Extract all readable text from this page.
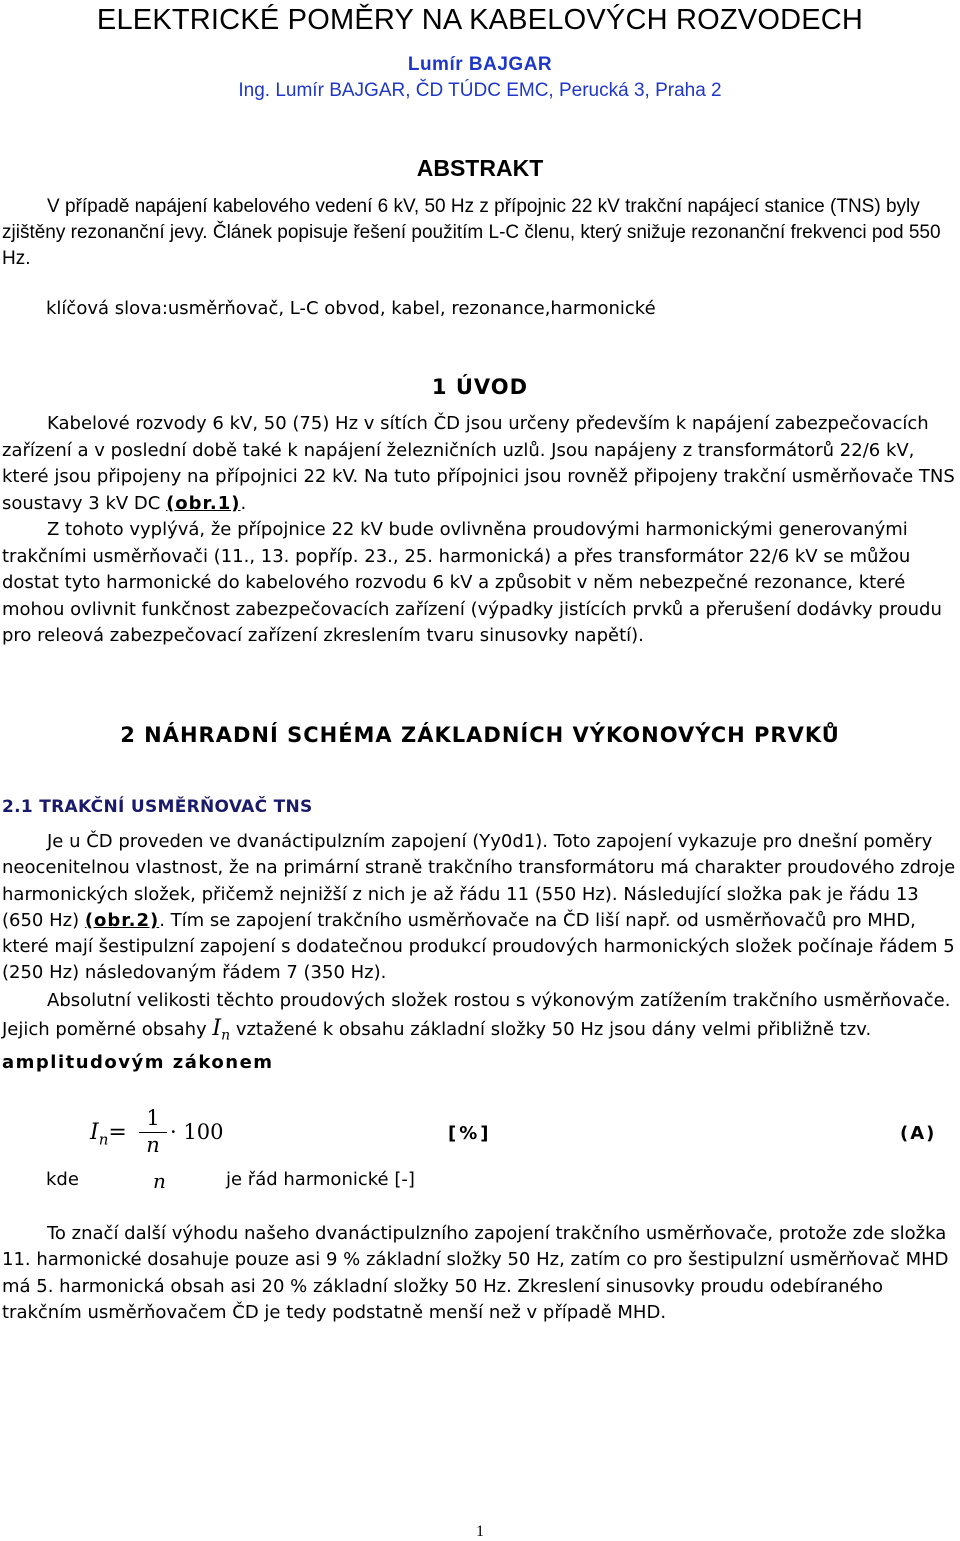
ELEKTRICKÉ POMĚRY NA KABELOVÝCH ROZVODECH
Lumír BAJGAR
Ing. Lumír BAJGAR, ČD TÚDC EMC, Perucká 3, Praha 2
ABSTRAKT

V případě napájení kabelového vedení 6 kV, 50 Hz z přípojnic 22 kV trakční napájecí stanice (TNS) byly zjištěny rezonanční jevy. Článek popisuje řešení použitím L-C členu, který snižuje rezonanční frekvenci pod 550 Hz.

klíčová slova:usměrňovač, L-C obvod, kabel, rezonance,harmonické
1 ÚVOD

Kabelové rozvody 6 kV, 50 (75) Hz v sítích ČD jsou určeny především k napájení zabezpečovacích zařízení a v poslední době také k napájení železničních uzlů. Jsou napájeny z transformátorů 22/6 kV, které jsou připojeny na přípojnici 22 kV. Na tuto přípojnici jsou rovněž připojeny trakční usměrňovače TNS soustavy 3 kV DC (obr.1).

Z tohoto vyplývá, že přípojnice 22 kV bude ovlivněna proudovými harmonickými generovanými trakčními usměrňovači (11., 13. popříp. 23., 25. harmonická) a přes transformátor 22/6 kV se můžou dostat tyto harmonické do kabelového rozvodu 6 kV a způsobit v něm nebezpečné rezonance, které mohou ovlivnit funkčnost zabezpečovacích zařízení (výpadky jistících prvků a přerušení dodávky proudu pro releová zabezpečovací zařízení zkreslením tvaru sinusovky napětí).

2 NÁHRADNÍ SCHÉMA ZÁKLADNÍCH VÝKONOVÝCH PRVKŮ
2.1 TRAKČNÍ USMĚRŇOVAČ TNS

Je u ČD proveden ve dvanáctipulzním zapojení (Yy0d1). Toto zapojení vykazuje pro dnešní poměry neocenitelnou vlastnost, že na primární straně trakčního transformátoru má charakter proudového zdroje harmonických složek, přičemž nejnižší z nich je až řádu 11 (550 Hz). Následující složka pak je řádu 13 (650 Hz) (obr.2). Tím se zapojení trakčního usměrňovače na ČD liší např. od usměrňovačů pro MHD, které mají šestipulzní zapojení s dodatečnou produkcí proudových harmonických složek počínaje řádem 5 (250 Hz) následovaným řádem 7 (350 Hz).

Absolutní velikosti těchto proudových složek rostou s výkonovým zatížením trakčního usměrňovače. Jejich poměrné obsahy $I_n$ vztažené k obsahu základní složky 50 Hz jsou dány velmi přibližně tzv. amplitudovým zákonem

$I_n=$
1
n
· 100	[%]	(A)
kde	n	je řád harmonické [-]

To značí další výhodu našeho dvanáctipulzního zapojení trakčního usměrňovače, protože zde složka 11. harmonické dosahuje pouze asi 9 % základní složky 50 Hz, zatím co pro šestipulzní usměrňovač MHD má 5. harmonická obsah asi 20 % základní složky 50 Hz. Zkreslení sinusovky proudu odebíraného trakčním usměrňovačem ČD je tedy podstatně menší než v případě MHD.

1
